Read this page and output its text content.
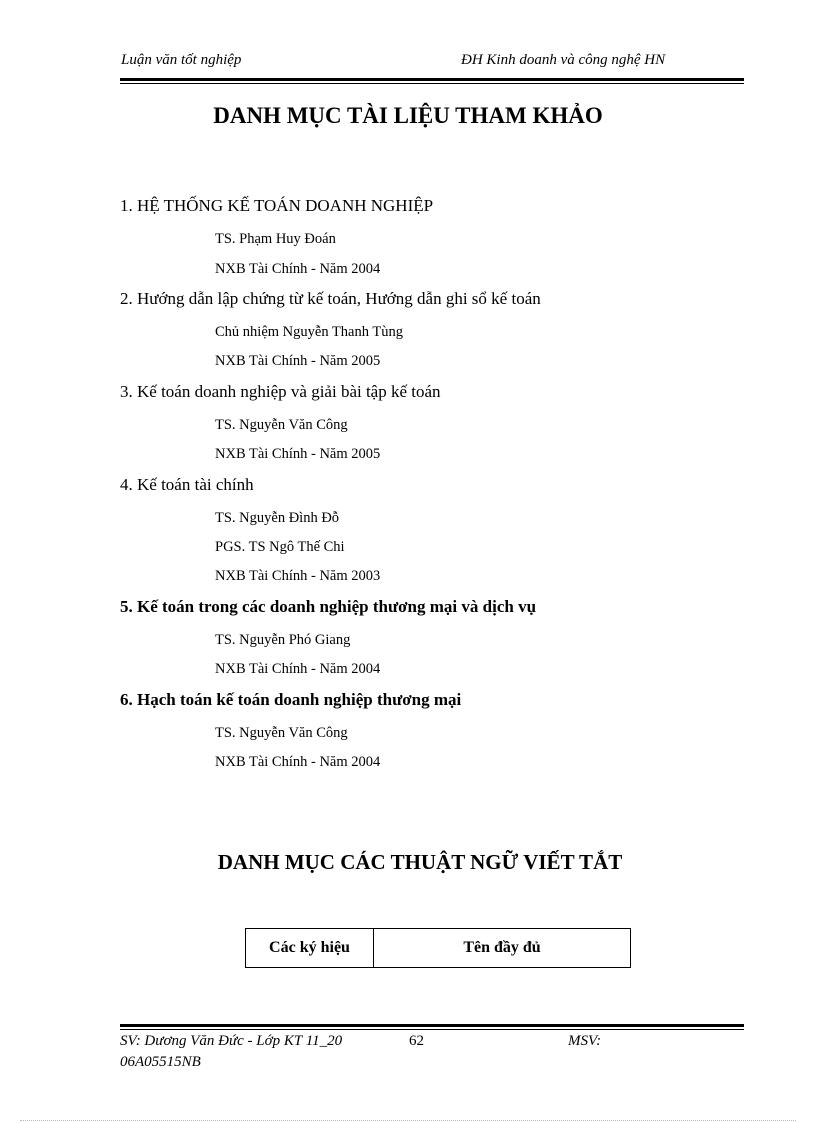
Luận văn tốt nghiệp	ĐH Kinh doanh và công nghệ HN
DANH MỤC TÀI LIỆU THAM KHẢO
1. HỆ THỐNG KẾ TOÁN DOANH NGHIỆP
TS. Phạm Huy Đoán
NXB Tài Chính - Năm 2004
2. Hướng dẫn lập chứng từ kế toán, Hướng dẫn ghi sổ kế toán
Chủ nhiệm Nguyễn Thanh Tùng
NXB Tài Chính - Năm 2005
3. Kế toán doanh nghiệp và giải bài tập kế toán
TS. Nguyễn Văn Công
NXB Tài Chính - Năm 2005
4. Kế toán tài chính
TS. Nguyễn Đình Đỗ
PGS. TS Ngô Thế Chi
NXB Tài Chính - Năm 2003
5. Kế toán trong các doanh nghiệp thương mại và dịch vụ
TS. Nguyễn Phó Giang
NXB Tài Chính - Năm 2004
6. Hạch toán kế toán doanh nghiệp thương mại
TS. Nguyễn Văn Công
NXB Tài Chính - Năm 2004
DANH MỤC CÁC THUẬT NGỮ VIẾT TẮT
Các ký hiệu	Tên đầy đủ
SV: Dương Văn Đức - Lớp KT 11_20	62	MSV:
06A05515NB
